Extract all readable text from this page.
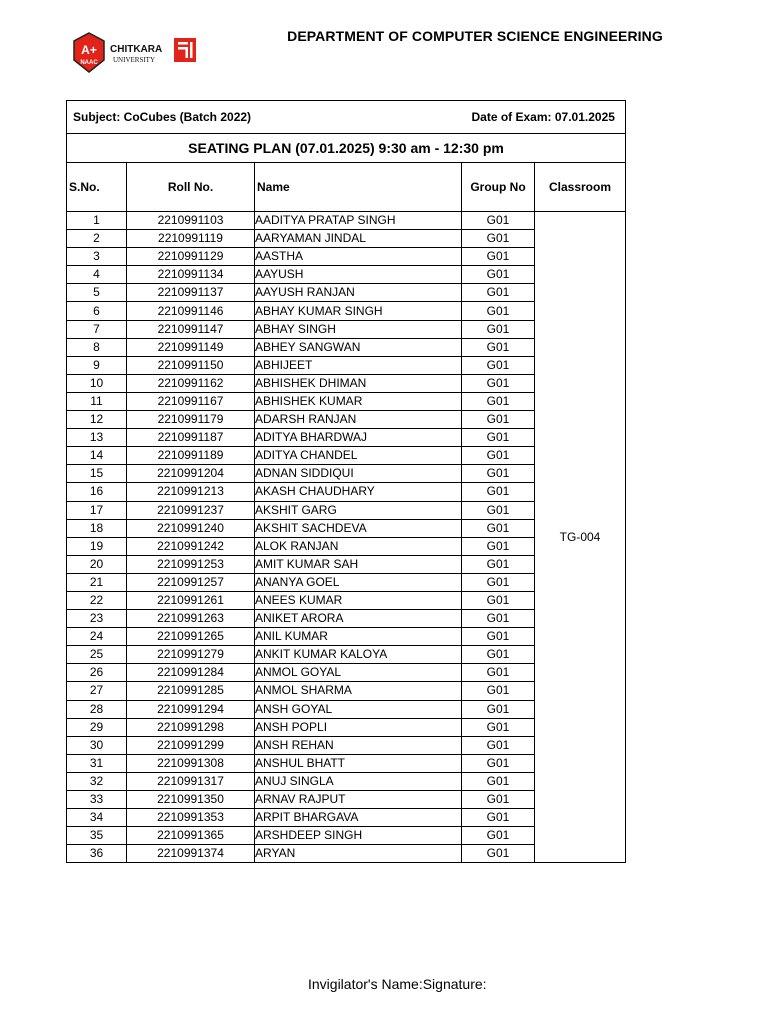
A+
NAAC
CHITKARA
UNIVERSITY
DEPARTMENT OF COMPUTER SCIENCE ENGINEERING
Subject: CoCubes (Batch 2022)			Date of Exam: 07.01.2025	
SEATING PLAN (07.01.2025) 9:30 am - 12:30 pm				
S.No.	Roll No.	Name	Group No	Classroom
1	2210991103	AADITYA PRATAP SINGH	G01	TG-004
2	2210991119	AARYAMAN JINDAL	G01	
3	2210991129	AASTHA	G01	
4	2210991134	AAYUSH	G01	
5	2210991137	AAYUSH RANJAN	G01	
6	2210991146	ABHAY KUMAR SINGH	G01	
7	2210991147	ABHAY SINGH	G01	
8	2210991149	ABHEY SANGWAN	G01	
9	2210991150	ABHIJEET	G01	
10	2210991162	ABHISHEK DHIMAN	G01	
11	2210991167	ABHISHEK KUMAR	G01	
12	2210991179	ADARSH RANJAN	G01	
13	2210991187	ADITYA BHARDWAJ	G01	
14	2210991189	ADITYA CHANDEL	G01	
15	2210991204	ADNAN SIDDIQUI	G01	
16	2210991213	AKASH CHAUDHARY	G01	
17	2210991237	AKSHIT GARG	G01	
18	2210991240	AKSHIT SACHDEVA	G01	
19	2210991242	ALOK RANJAN	G01	
20	2210991253	AMIT KUMAR SAH	G01	
21	2210991257	ANANYA GOEL	G01	
22	2210991261	ANEES KUMAR	G01	
23	2210991263	ANIKET ARORA	G01	
24	2210991265	ANIL KUMAR	G01	
25	2210991279	ANKIT KUMAR KALOYA	G01	
26	2210991284	ANMOL GOYAL	G01	
27	2210991285	ANMOL SHARMA	G01	
28	2210991294	ANSH GOYAL	G01	
29	2210991298	ANSH POPLI	G01	
30	2210991299	ANSH REHAN	G01	
31	2210991308	ANSHUL BHATT	G01	
32	2210991317	ANUJ SINGLA	G01	
33	2210991350	ARNAV RAJPUT	G01	
34	2210991353	ARPIT BHARGAVA	G01	
35	2210991365	ARSHDEEP SINGH	G01	
36	2210991374	ARYAN	G01	
Invigilator's Name:Signature:
